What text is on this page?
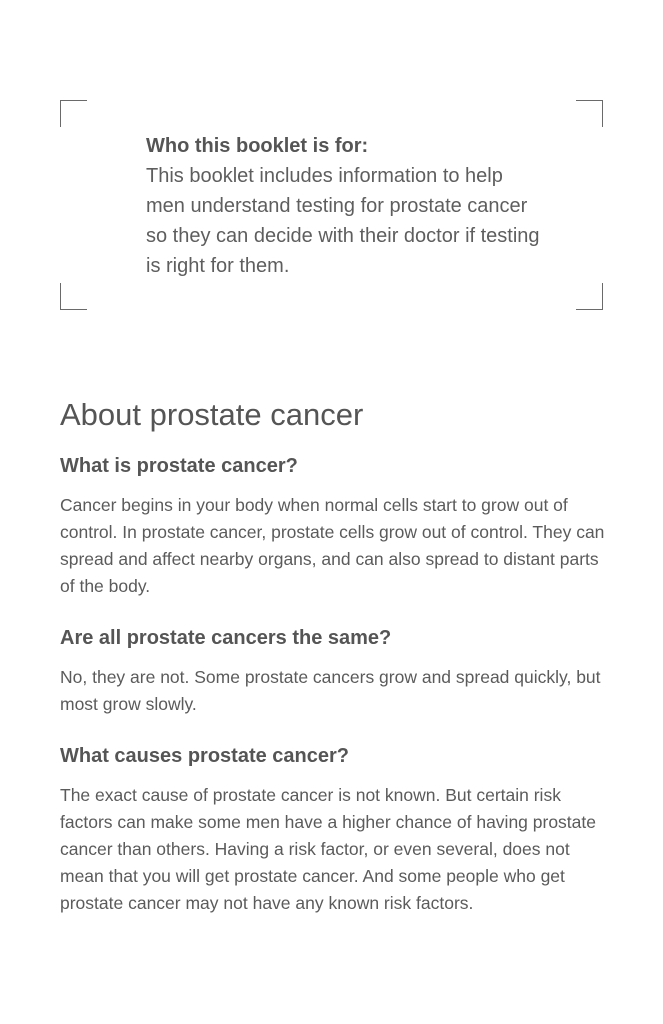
Who this booklet is for:
This booklet includes information to help men understand testing for prostate cancer so they can decide with their doctor if testing is right for them.
About prostate cancer
What is prostate cancer?

Cancer begins in your body when normal cells start to grow out of control. In prostate cancer, prostate cells grow out of control. They can spread and affect nearby organs, and can also spread to distant parts of the body.

Are all prostate cancers the same?

No, they are not. Some prostate cancers grow and spread quickly, but most grow slowly.

What causes prostate cancer?

The exact cause of prostate cancer is not known. But certain risk factors can make some men have a higher chance of having prostate cancer than others. Having a risk factor, or even several, does not mean that you will get prostate cancer. And some people who get prostate cancer may not have any known risk factors.
